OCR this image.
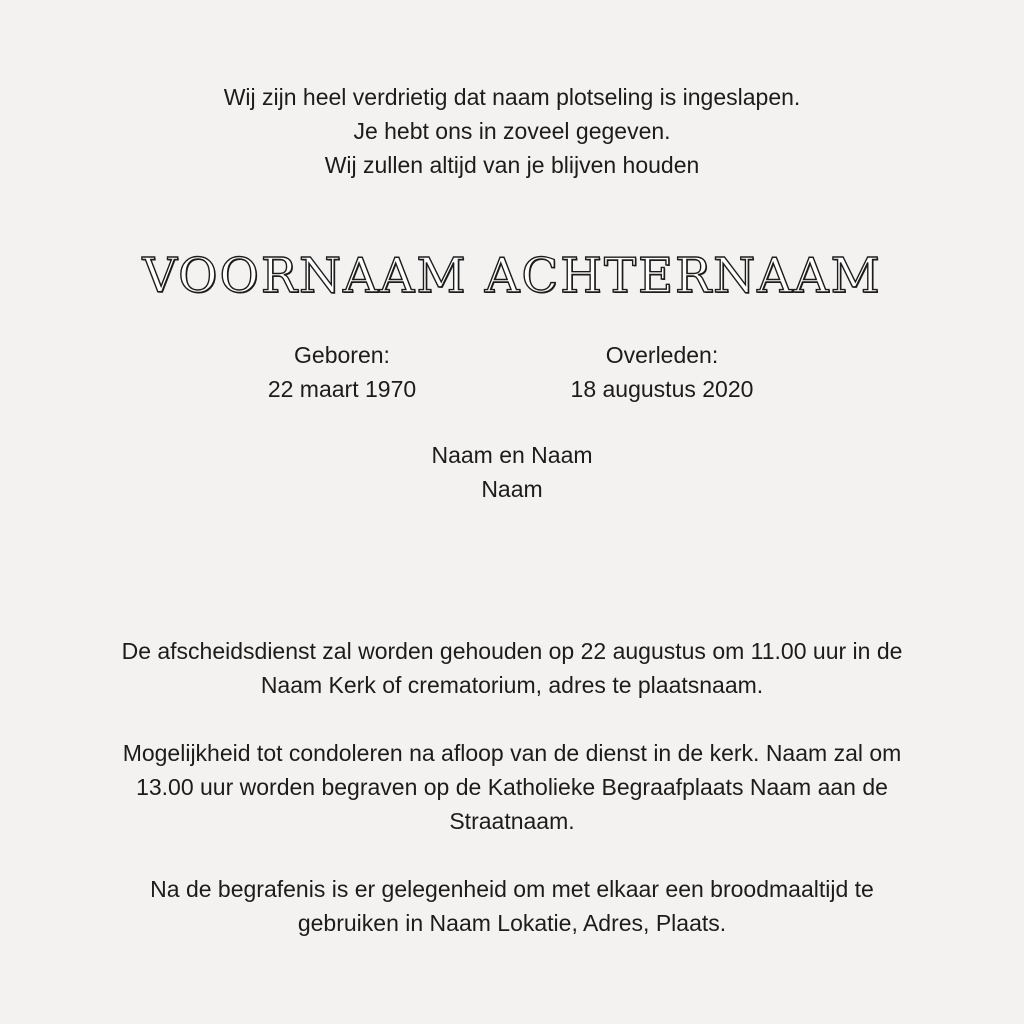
Wij zijn heel verdrietig dat naam plotseling is ingeslapen.
Je hebt ons in zoveel gegeven.
Wij zullen altijd van je blijven houden
VOORNAAM ACHTERNAAM
Geboren:
22 maart 1970
Overleden:
18 augustus 2020
Naam en Naam
Naam
De afscheidsdienst zal worden gehouden op 22 augustus om 11.00 uur in de
Naam Kerk of crematorium, adres te plaatsnaam.
Mogelijkheid tot condoleren na afloop van de dienst in de kerk. Naam zal om
13.00 uur worden begraven op de Katholieke Begraafplaats Naam aan de
Straatnaam.
Na de begrafenis is er gelegenheid om met elkaar een broodmaaltijd te
gebruiken in Naam Lokatie, Adres, Plaats.
